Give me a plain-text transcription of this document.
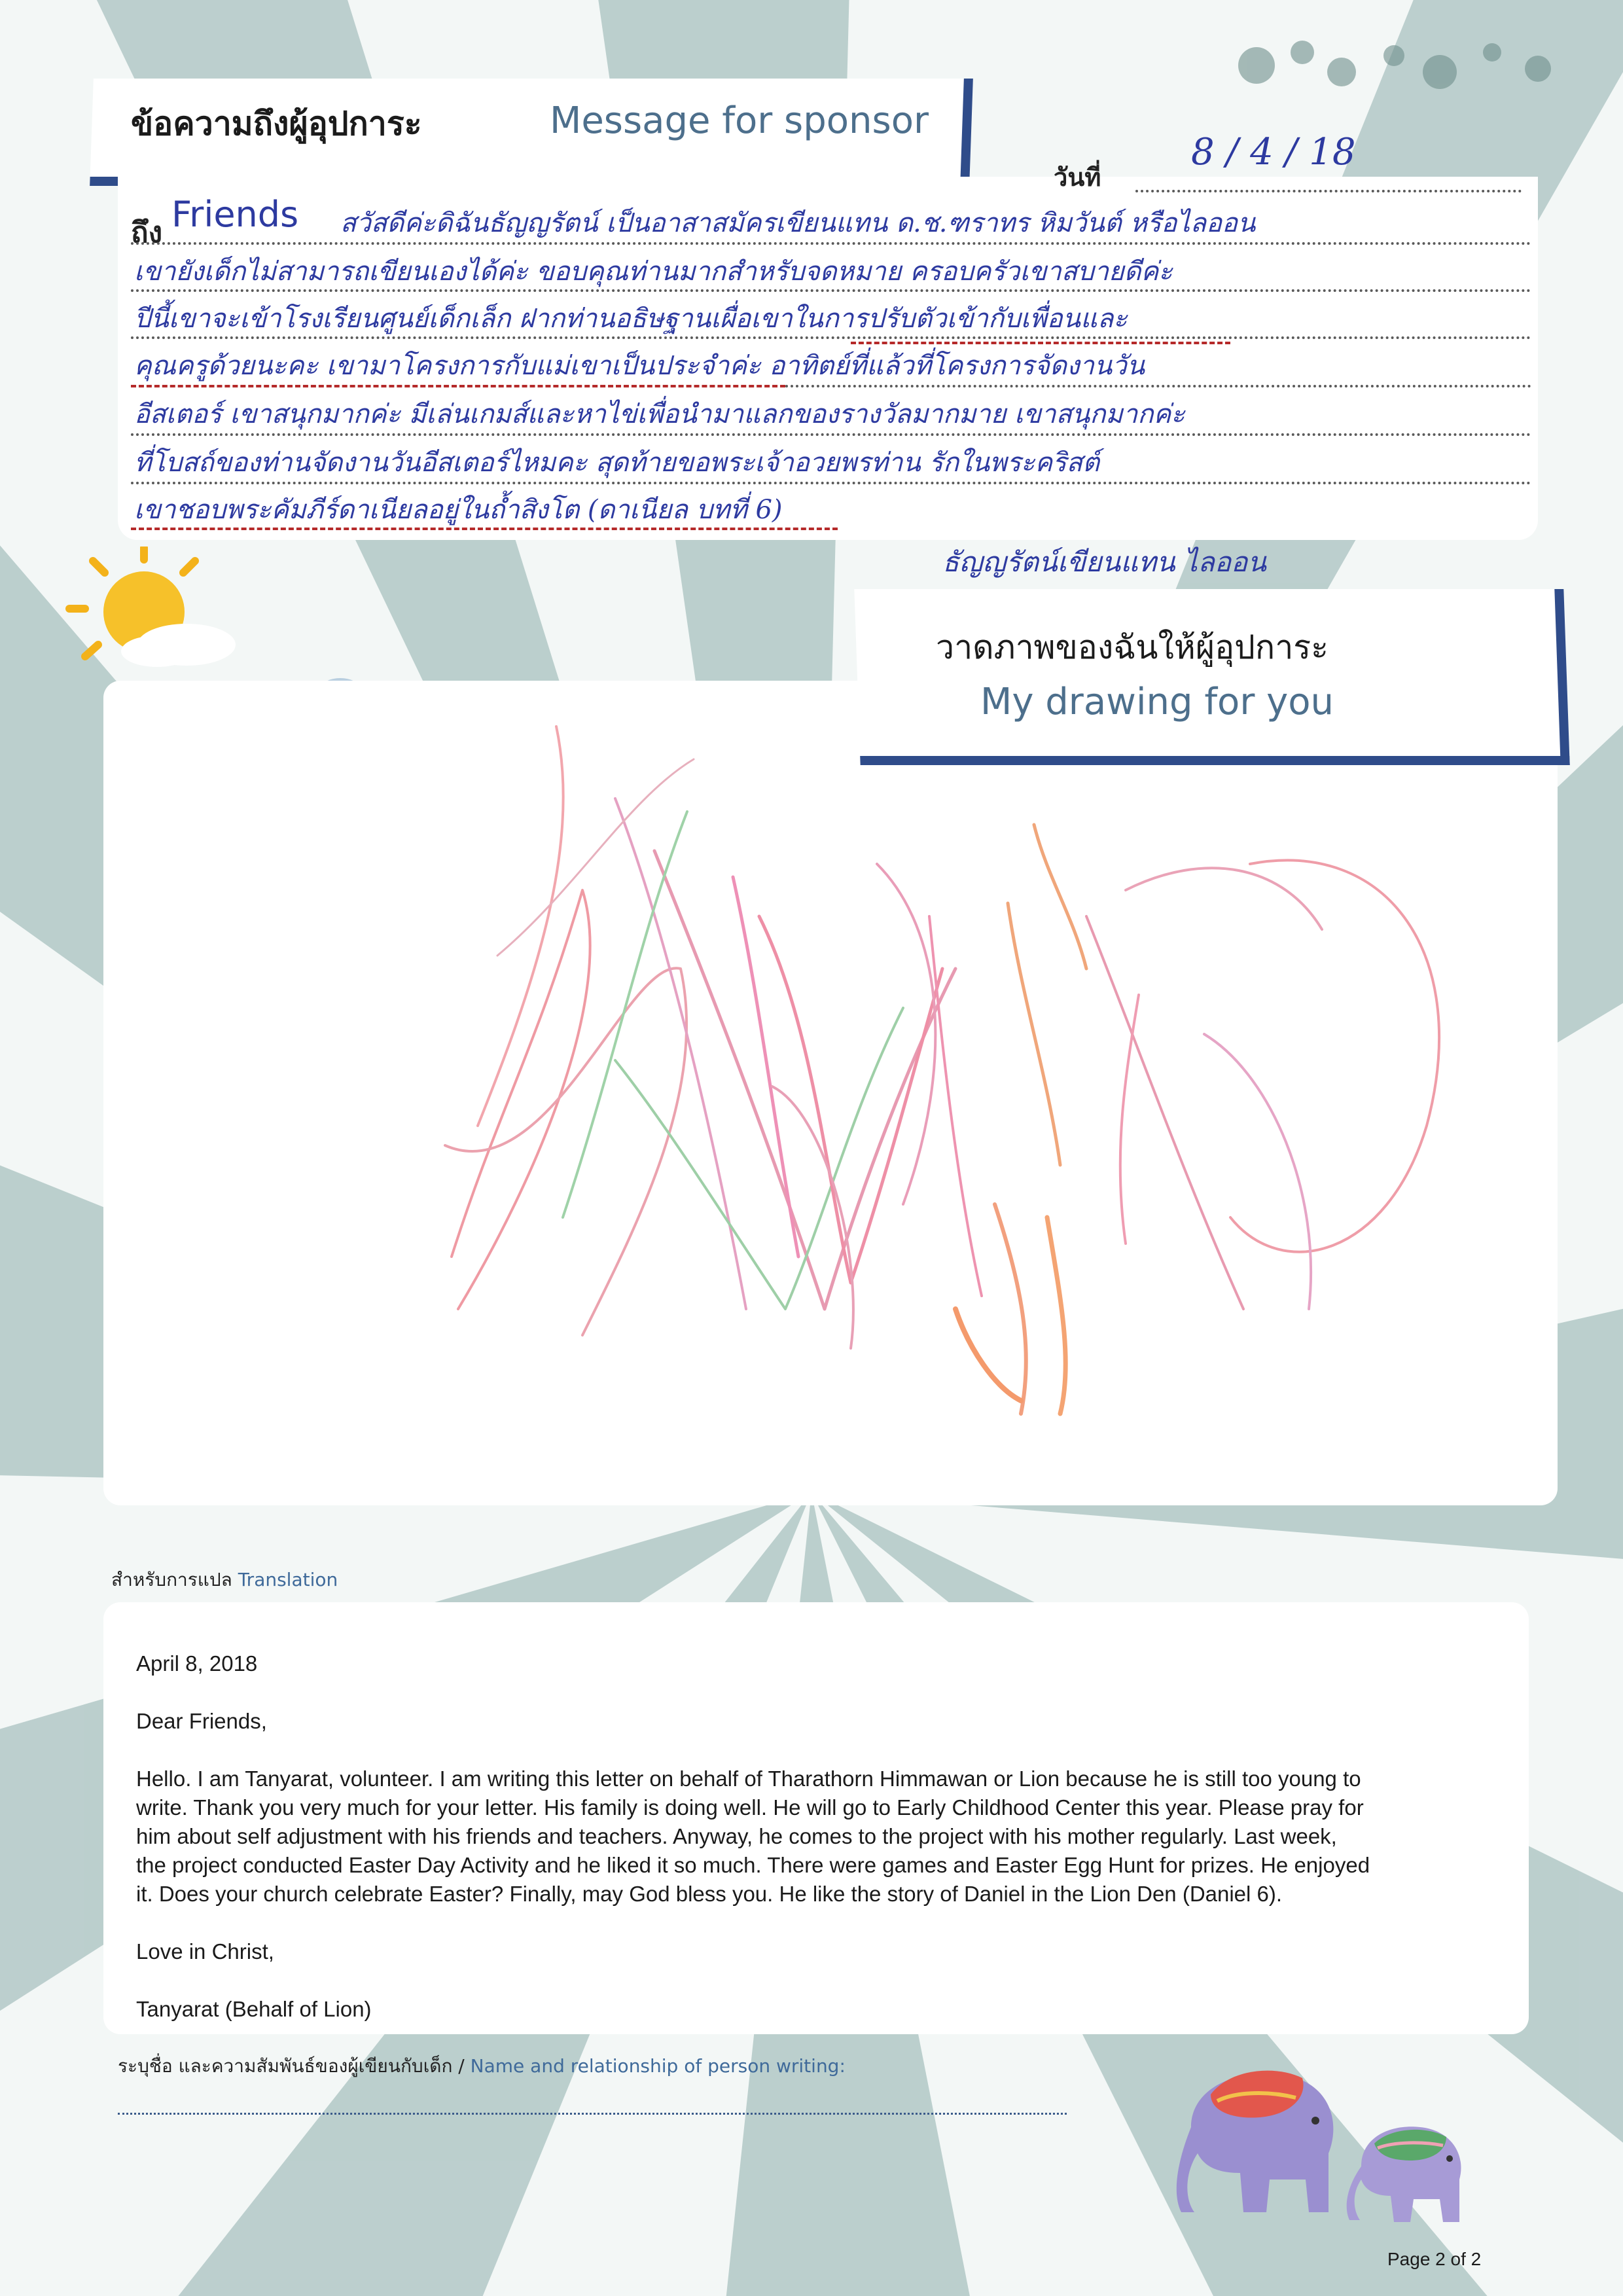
ข้อความถึงผู้อุปการะ	Message for sponsor
วันที่
8 / 4 / 18
ถึง Friends สวัสดีค่ะดิฉันธัญญรัตน์ เป็นอาสาสมัครเขียนแทน ด.ช.ฑราทร หิมวันต์ หรือไลออน
เขายังเด็กไม่สามารถเขียนเองได้ค่ะ ขอบคุณท่านมากสำหรับจดหมาย ครอบครัวเขาสบายดีค่ะ
ปีนี้เขาจะเข้าโรงเรียนศูนย์เด็กเล็ก ฝากท่านอธิษฐานเผื่อเขาในการปรับตัวเข้ากับเพื่อนและ
คุณครูด้วยนะคะ เขามาโครงการกับแม่เขาเป็นประจำค่ะ อาทิตย์ที่แล้วที่โครงการจัดงานวัน
อีสเตอร์ เขาสนุกมากค่ะ มีเล่นเกมส์และหาไข่เพื่อนำมาแลกของรางวัลมากมาย เขาสนุกมากค่ะ
ที่โบสถ์ของท่านจัดงานวันอีสเตอร์ไหมคะ สุดท้ายขอพระเจ้าอวยพรท่าน รักในพระคริสต์
เขาชอบพระคัมภีร์ดาเนียลอยู่ในถ้ำสิงโต (ดาเนียล บทที่ 6)
ธัญญรัตน์เขียนแทน ไลออน
วาดภาพของฉันให้ผู้อุปการะ
My drawing for you
สำหรับการแปล Translation
April 8, 2018
Dear Friends,
Hello. I am Tanyarat, volunteer. I am writing this letter on behalf of Tharathorn Himmawan or Lion because he is still too young to
write. Thank you very much for your letter. His family is doing well. He will go to Early Childhood Center this year. Please pray for
him about self adjustment with his friends and teachers. Anyway, he comes to the project with his mother regularly. Last week,
the project conducted Easter Day Activity and he liked it so much. There were games and Easter Egg Hunt for prizes. He enjoyed
it. Does your church celebrate Easter? Finally, may God bless you. He like the story of Daniel in the Lion Den (Daniel 6).
Love in Christ,
Tanyarat (Behalf of Lion)
ระบุชื่อ และความสัมพันธ์ของผู้เขียนกับเด็ก / Name and relationship of person writing:
Page 2 of 2
